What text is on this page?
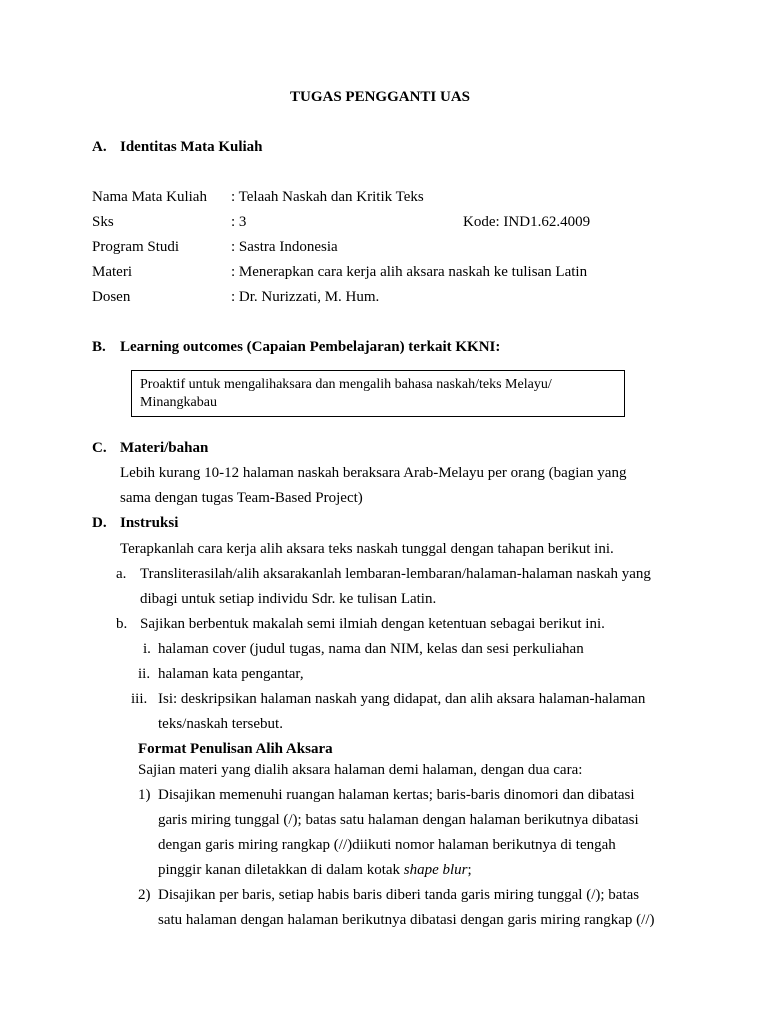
TUGAS PENGGANTI UAS
A. Identitas Mata Kuliah
Nama Mata Kuliah : Telaah Naskah dan Kritik Teks
Sks	: 3	Kode: IND1.62.4009
Program Studi	: Sastra Indonesia
Materi	: Menerapkan cara kerja alih aksara naskah ke tulisan Latin
Dosen	: Dr. Nurizzati, M. Hum.
B. Learning outcomes (Capaian Pembelajaran) terkait KKNI:
Proaktif untuk mengalihaksara dan mengalih bahasa naskah/teks Melayu/
Minangkabau
C. Materi/bahan
Lebih kurang 10-12 halaman naskah beraksara Arab-Melayu per orang (bagian yang
sama dengan tugas Team-Based Project)
D. Instruksi
Terapkanlah cara kerja alih aksara teks naskah tunggal dengan tahapan berikut ini.
a. Transliterasilah/alih aksarakanlah lembaran-lembaran/halaman-halaman naskah yang
dibagi untuk setiap individu Sdr. ke tulisan Latin.
b. Sajikan berbentuk makalah semi ilmiah dengan ketentuan sebagai berikut ini.
i. halaman cover (judul tugas, nama dan NIM, kelas dan sesi perkuliahan
ii. halaman kata pengantar,
iii. Isi: deskripsikan halaman naskah yang didapat, dan alih aksara halaman-halaman
teks/naskah tersebut.
Format Penulisan Alih Aksara
Sajian materi yang dialih aksara halaman demi halaman, dengan dua cara:
1) Disajikan memenuhi ruangan halaman kertas; baris-baris dinomori dan dibatasi
garis miring tunggal (/); batas satu halaman dengan halaman berikutnya dibatasi
dengan garis miring rangkap (//)diikuti nomor halaman berikutnya di tengah
pinggir kanan diletakkan di dalam kotak shape blur;
2) Disajikan per baris, setiap habis baris diberi tanda garis miring tunggal (/); batas
satu halaman dengan halaman berikutnya dibatasi dengan garis miring rangkap (//)
